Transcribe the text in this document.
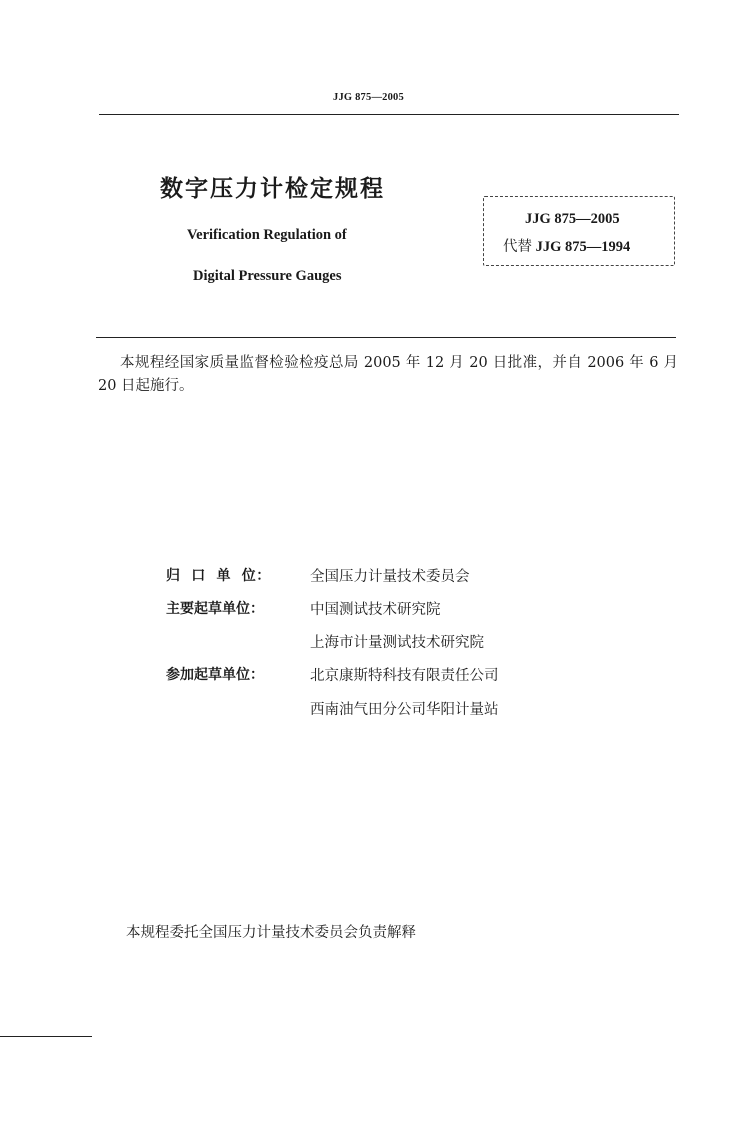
JJG 875—2005
数字压力计检定规程
Verification Regulation of
Digital Pressure Gauges
JJG 875—2005
代替 JJG 875—1994
本规程经国家质量监督检验检疫总局 2005 年 12 月 20 日批准，并自 2006 年 6 月 20 日起施行。
归  口  单  位：	全国压力计量技术委员会
主要起草单位：	中国测试技术研究院
上海市计量测试技术研究院
参加起草单位：	北京康斯特科技有限责任公司
西南油气田分公司华阳计量站
本规程委托全国压力计量技术委员会负责解释
